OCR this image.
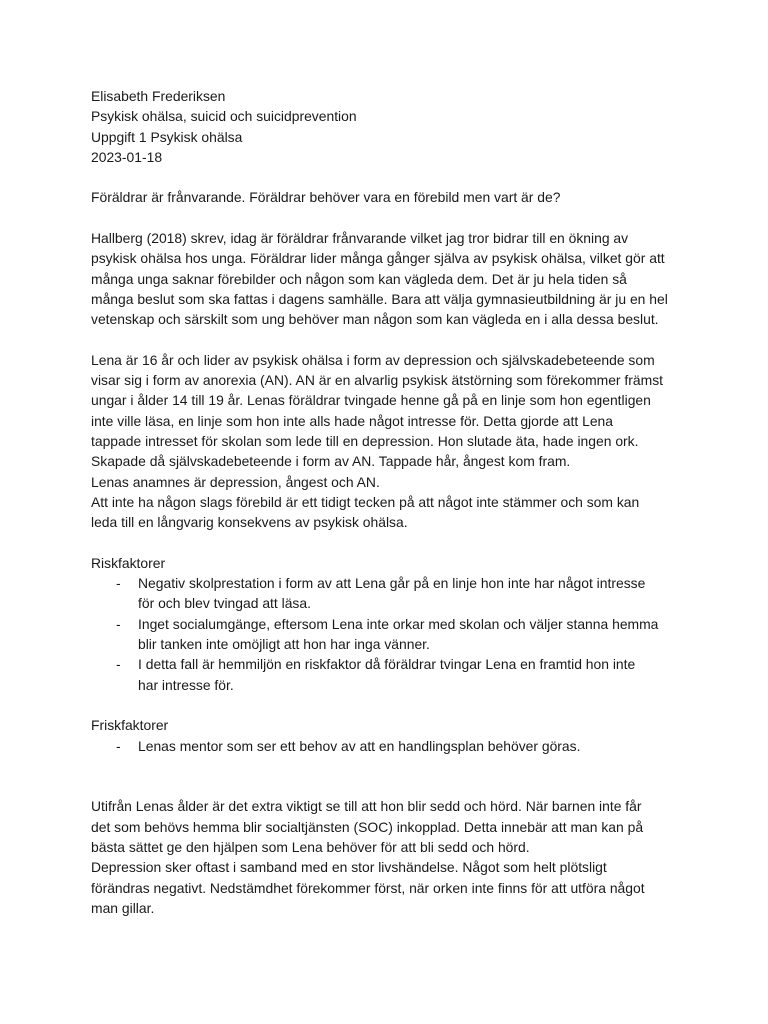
Elisabeth Frederiksen
Psykisk ohälsa, suicid och suicidprevention
Uppgift 1 Psykisk ohälsa
2023-01-18
Föräldrar är frånvarande. Föräldrar behöver vara en förebild men vart är de?
Hallberg (2018) skrev, idag är föräldrar frånvarande vilket jag tror bidrar till en ökning av
psykisk ohälsa hos unga. Föräldrar lider många gånger själva av psykisk ohälsa, vilket gör att
många unga saknar förebilder och någon som kan vägleda dem. Det är ju hela tiden så
många beslut som ska fattas i dagens samhälle. Bara att välja gymnasieutbildning är ju en hel
vetenskap och särskilt som ung behöver man någon som kan vägleda en i alla dessa beslut.
Lena är 16 år och lider av psykisk ohälsa i form av depression och självskadebeteende som
visar sig i form av anorexia (AN). AN är en alvarlig psykisk ätstörning som förekommer främst
ungar i ålder 14 till 19 år. Lenas föräldrar tvingade henne gå på en linje som hon egentligen
inte ville läsa, en linje som hon inte alls hade något intresse för. Detta gjorde att Lena
tappade intresset för skolan som lede till en depression. Hon slutade äta, hade ingen ork.
Skapade då självskadebeteende i form av AN. Tappade hår, ångest kom fram.
Lenas anamnes är depression, ångest och AN.
Att inte ha någon slags förebild är ett tidigt tecken på att något inte stämmer och som kan
leda till en långvarig konsekvens av psykisk ohälsa.
Riskfaktorer
- Negativ skolprestation i form av att Lena går på en linje hon inte har något intresse
för och blev tvingad att läsa.
- Inget socialumgänge, eftersom Lena inte orkar med skolan och väljer stanna hemma
blir tanken inte omöjligt att hon har inga vänner.
- I detta fall är hemmiljön en riskfaktor då föräldrar tvingar Lena en framtid hon inte
har intresse för.
Friskfaktorer
- Lenas mentor som ser ett behov av att en handlingsplan behöver göras.
Utifrån Lenas ålder är det extra viktigt se till att hon blir sedd och hörd. När barnen inte får
det som behövs hemma blir socialtjänsten (SOC) inkopplad. Detta innebär att man kan på
bästa sättet ge den hjälpen som Lena behöver för att bli sedd och hörd.
Depression sker oftast i samband med en stor livshändelse. Något som helt plötsligt
förändras negativt. Nedstämdhet förekommer först, när orken inte finns för att utföra något
man gillar.
